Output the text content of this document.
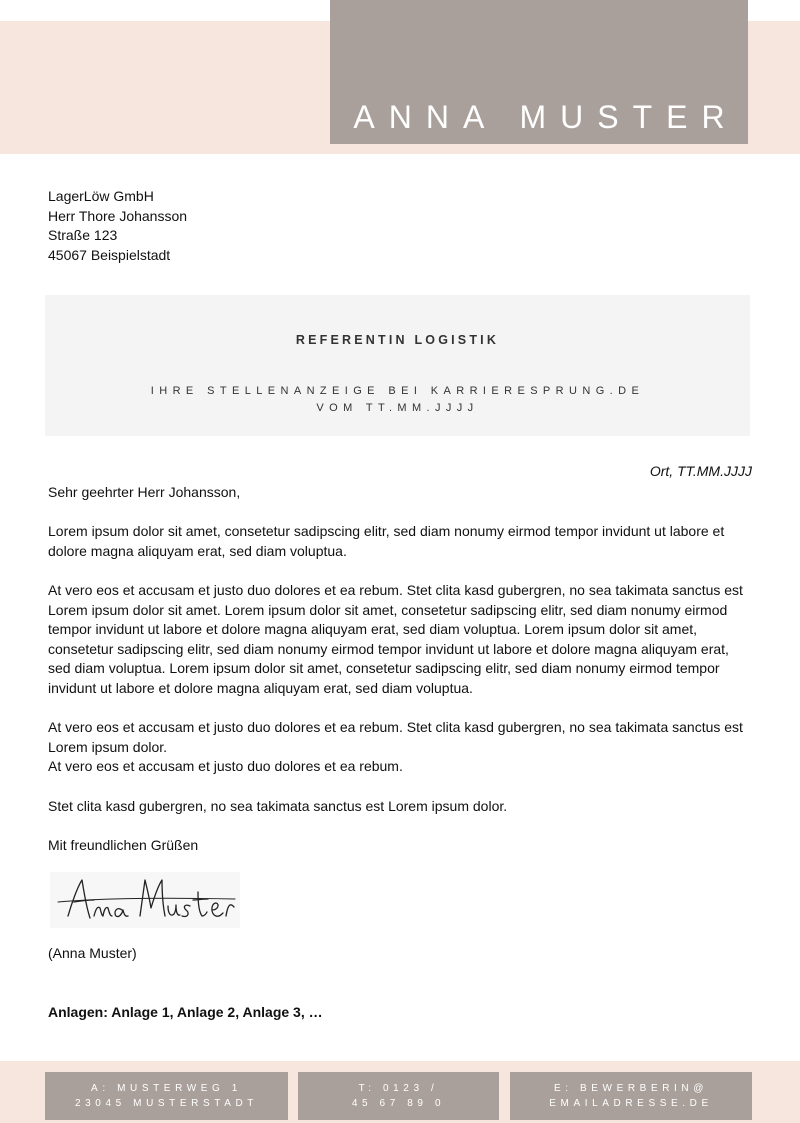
ANNA MUSTER
LagerLöw GmbH
Herr Thore Johansson
Straße 123
45067 Beispielstadt
REFERENTIN LOGISTIK
IHRE STELLENANZEIGE BEI KARRIERESPRUNG.DE
VOM TT.MM.JJJJ
Ort, TT.MM.JJJJ

Sehr geehrter Herr Johansson,

Lorem ipsum dolor sit amet, consetetur sadipscing elitr, sed diam nonumy eirmod tempor invidunt ut labore et dolore magna aliquyam erat, sed diam voluptua.

At vero eos et accusam et justo duo dolores et ea rebum. Stet clita kasd gubergren, no sea takimata sanctus est Lorem ipsum dolor sit amet. Lorem ipsum dolor sit amet, consetetur sadipscing elitr, sed diam nonumy eirmod tempor invidunt ut labore et dolore magna aliquyam erat, sed diam voluptua. Lorem ipsum dolor sit amet, consetetur sadipscing elitr, sed diam nonumy eirmod tempor invidunt ut labore et dolore magna aliquyam erat, sed diam voluptua. Lorem ipsum dolor sit amet, consetetur sadipscing elitr, sed diam nonumy eirmod tempor invidunt ut labore et dolore magna aliquyam erat, sed diam voluptua.

At vero eos et accusam et justo duo dolores et ea rebum. Stet clita kasd gubergren, no sea takimata sanctus est Lorem ipsum dolor.
At vero eos et accusam et justo duo dolores et ea rebum.

Stet clita kasd gubergren, no sea takimata sanctus est Lorem ipsum dolor.

Mit freundlichen Grüßen

(Anna Muster)
Anlagen: Anlage 1, Anlage 2, Anlage 3, …
A: MUSTERWEG 1
23045 MUSTERSTADT
T: 0123 /
45 67 89 0
E: BEWERBERIN@
EMAILADRESSE.DE
